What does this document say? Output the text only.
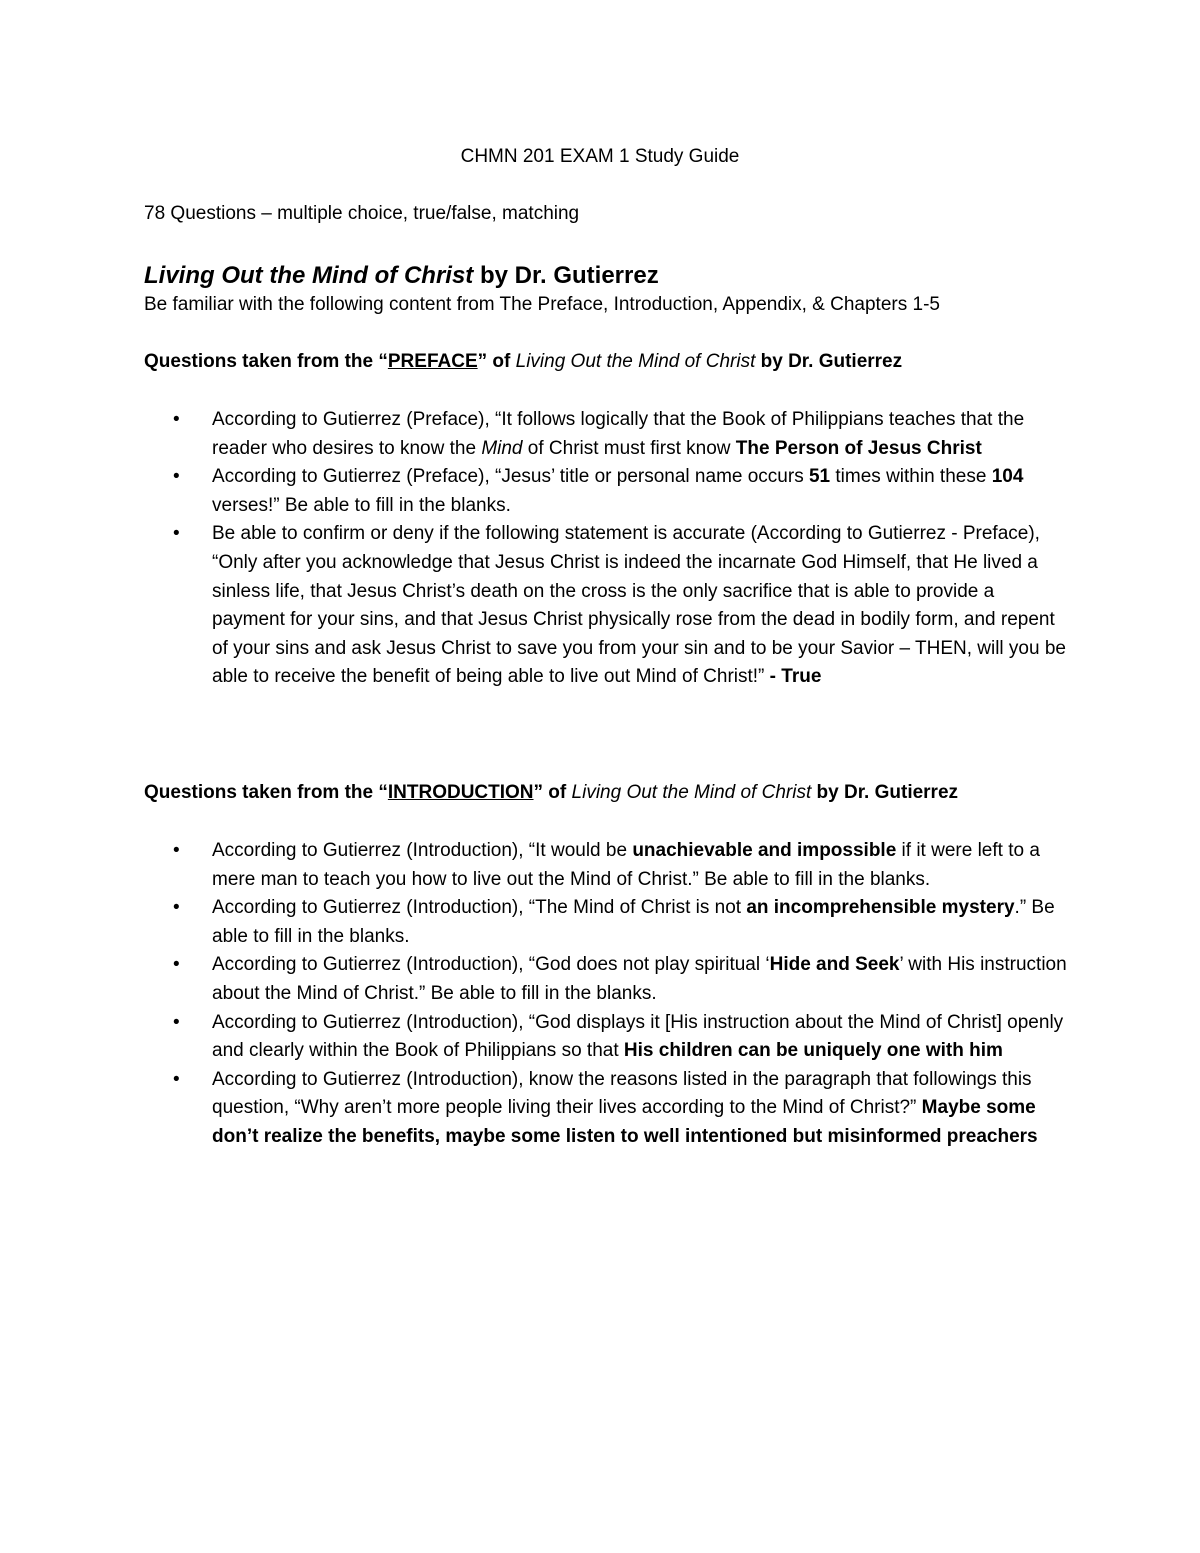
CHMN 201 EXAM 1 Study Guide
78 Questions – multiple choice, true/false, matching
Living Out the Mind of Christ by Dr. Gutierrez
Be familiar with the following content from The Preface, Introduction, Appendix, & Chapters 1-5
Questions taken from the “PREFACE” of Living Out the Mind of Christ by Dr. Gutierrez
• According to Gutierrez (Preface), “It follows logically that the Book of Philippians teaches that the reader who desires to know the Mind of Christ must first know The Person of Jesus Christ
• According to Gutierrez (Preface), “Jesus’ title or personal name occurs 51 times within these 104 verses!” Be able to fill in the blanks.
• Be able to confirm or deny if the following statement is accurate (According to Gutierrez - Preface), “Only after you acknowledge that Jesus Christ is indeed the incarnate God Himself, that He lived a sinless life, that Jesus Christ’s death on the cross is the only sacrifice that is able to provide a payment for your sins, and that Jesus Christ physically rose from the dead in bodily form, and repent of your sins and ask Jesus Christ to save you from your sin and to be your Savior – THEN, will you be able to receive the benefit of being able to live out Mind of Christ!” - True
Questions taken from the “INTRODUCTION” of Living Out the Mind of Christ by Dr. Gutierrez
• According to Gutierrez (Introduction), “It would be unachievable and impossible if it were left to a mere man to teach you how to live out the Mind of Christ.” Be able to fill in the blanks.
• According to Gutierrez (Introduction), “The Mind of Christ is not an incomprehensible mystery.” Be able to fill in the blanks.
• According to Gutierrez (Introduction), “God does not play spiritual ‘Hide and Seek’ with His instruction about the Mind of Christ.” Be able to fill in the blanks.
• According to Gutierrez (Introduction), “God displays it [His instruction about the Mind of Christ] openly and clearly within the Book of Philippians so that His children can be uniquely one with him
• According to Gutierrez (Introduction), know the reasons listed in the paragraph that followings this question, “Why aren’t more people living their lives according to the Mind of Christ?” Maybe some don’t realize the benefits, maybe some listen to well intentioned but misinformed preachers
